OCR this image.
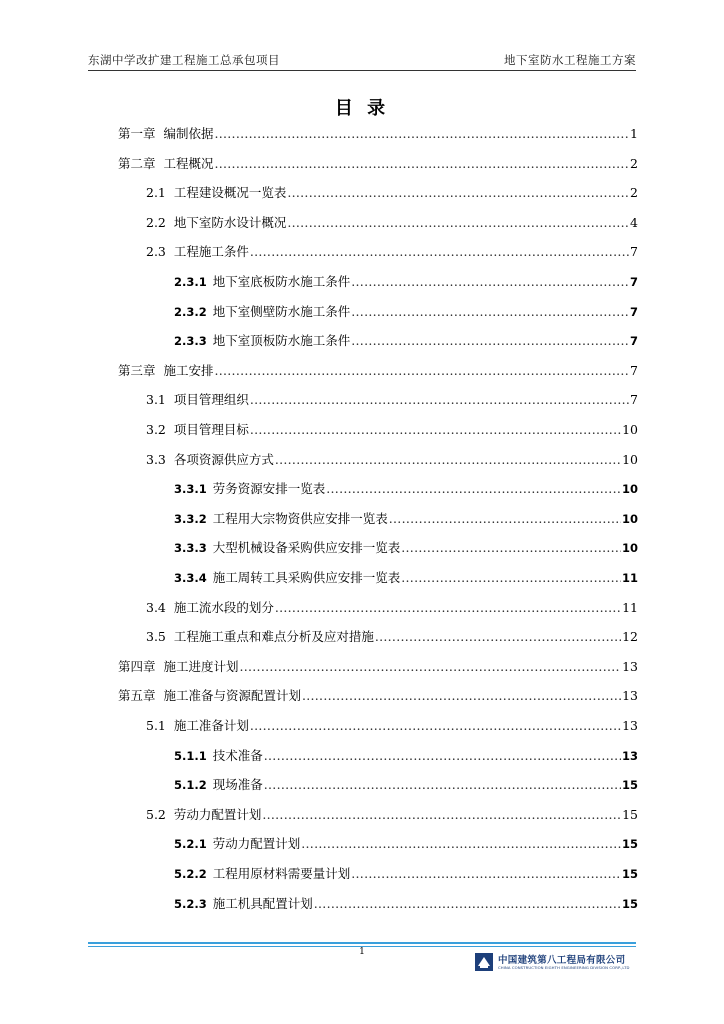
东湖中学改扩建工程施工总承包项目	地下室防水工程施工方案
目 录
第一章  编制依据 .....	1
第二章  工程概况 .....	2
2.1  工程建设概况一览表 .....	2
2.2  地下室防水设计概况 .....	4
2.3  工程施工条件 .....	7
2.3.1 地下室底板防水施工条件 .....	7
2.3.2 地下室侧壁防水施工条件 .....	7
2.3.3 地下室顶板防水施工条件 .....	7
第三章  施工安排 .....	7
3.1  项目管理组织 .....	7
3.2  项目管理目标 .....	10
3.3  各项资源供应方式 .....	10
3.3.1 劳务资源安排一览表 .....	10
3.3.2 工程用大宗物资供应安排一览表 .....	10
3.3.3 大型机械设备采购供应安排一览表 .....	10
3.3.4 施工周转工具采购供应安排一览表 .....	11
3.4  施工流水段的划分 .....	11
3.5  工程施工重点和难点分析及应对措施 .....	12
第四章  施工进度计划 .....	13
第五章  施工准备与资源配置计划 .....	13
5.1  施工准备计划 .....	13
5.1.1 技术准备 .....	13
5.1.2 现场准备 .....	15
5.2  劳动力配置计划 .....	15
5.2.1 劳动力配置计划 .....	15
5.2.2 工程用原材料需要量计划 .....	15
5.2.3 施工机具配置计划 .....	15
1
中国建筑第八工程局有限公司
CHINA CONSTRUCTION EIGHTH ENGINEERING DIVISION CORP.,LTD
